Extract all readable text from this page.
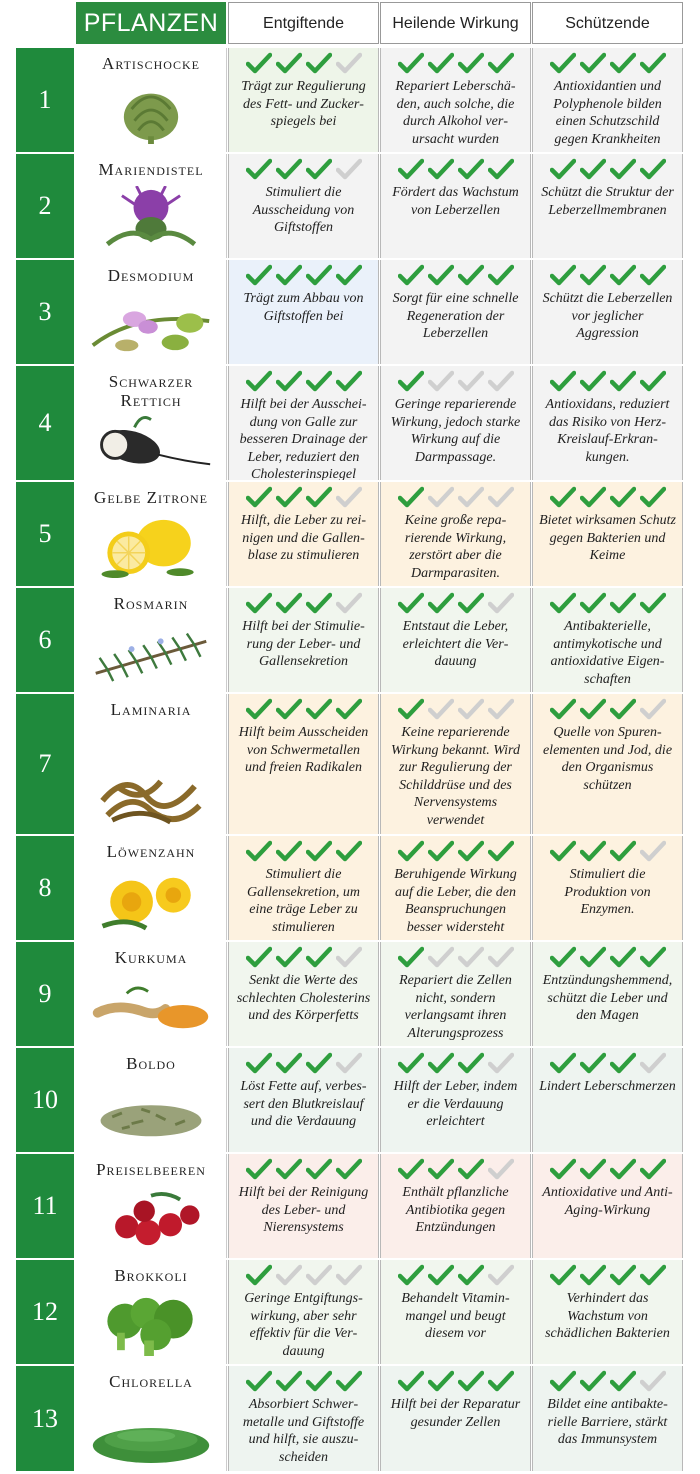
PFLANZEN	Entgiftende	Heilende Wirkung	Schützende
1
Artischocke
Trägt zur Regulierung des Fett- und Zuckerspiegels bei
Repariert Leberschäden, auch solche, die durch Alkohol verursacht wurden
Antioxidantien und Polyphenole bilden einen Schutzschild gegen Krankheiten
2
Mariendistel
Stimuliert die Ausscheidung von Giftstoffen
Fördert das Wachstum von Leberzellen
Schützt die Struktur der Leberzellmembranen
3
Desmodium
Trägt zum Abbau von Giftstoffen bei
Sorgt für eine schnelle Regeneration der Leberzellen
Schützt die Leberzellen vor jeglicher Aggression
4
Schwarzer Rettich	Hilft bei der Ausscheidung von Galle zur besseren Drainage der Leber, reduziert den Cholesterinspiegel
Geringe reparierende Wirkung, jedoch starke Wirkung auf die Darmpassage.
Antioxidans, reduziert das Risiko von Herz-Kreislauf-Erkrankungen.
5
Gelbe Zitrone
Hilft, die Leber zu reinigen und die Gallenblase zu stimulieren
Keine große reparierende Wirkung, zerstört aber die Darmparasiten.
Bietet wirksamen Schutz gegen Bakterien und Keime
6
Rosmarin
Hilft bei der Stimulierung der Leber- und Gallensekretion
Entstaut die Leber, erleichtert die Verdauung
Antibakterielle, antimykotische und antioxidative Eigenschaften
7
Laminaria
Hilft beim Ausscheiden von Schwermetallen und freien Radikalen
Keine reparierende Wirkung bekannt. Wird zur Regulierung der Schilddrüse und des Nervensystems verwendet
Quelle von Spurenelementen und Jod, die den Organismus schützen
8
Löwenzahn
Stimuliert die Gallensekretion, um eine träge Leber zu stimulieren
Beruhigende Wirkung auf die Leber, die den Beanspruchungen besser widersteht
Stimuliert die Produktion von Enzymen.
9
Kurkuma
Senkt die Werte des schlechten Cholesterins und des Körperfetts
Repariert die Zellen nicht, sondern verlangsamt ihren Alterungsprozess
Entzündungshemmend, schützt die Leber und den Magen
10
Boldo
Löst Fette auf, verbessert den Blutkreislauf und die Verdauung
Hilft der Leber, indem er die Verdauung erleichtert
Lindert Leberschmerzen
11
Preiselbeeren
Hilft bei der Reinigung des Leber- und Nierensystems
Enthält pflanzliche Antibiotika gegen Entzündungen
Antioxidative und Anti-Aging-Wirkung
12
Brokkoli
Geringe Entgiftungswirkung, aber sehr effektiv für die Verdauung
Behandelt Vitaminmangel und beugt diesem vor
Verhindert das Wachstum von schädlichen Bakterien
13
Chlorella
Absorbiert Schwermetalle und Giftstoffe und hilft, sie auszuscheiden
Hilft bei der Reparatur gesunder Zellen
Bildet eine antibakterielle Barriere, stärkt das Immunsystem
